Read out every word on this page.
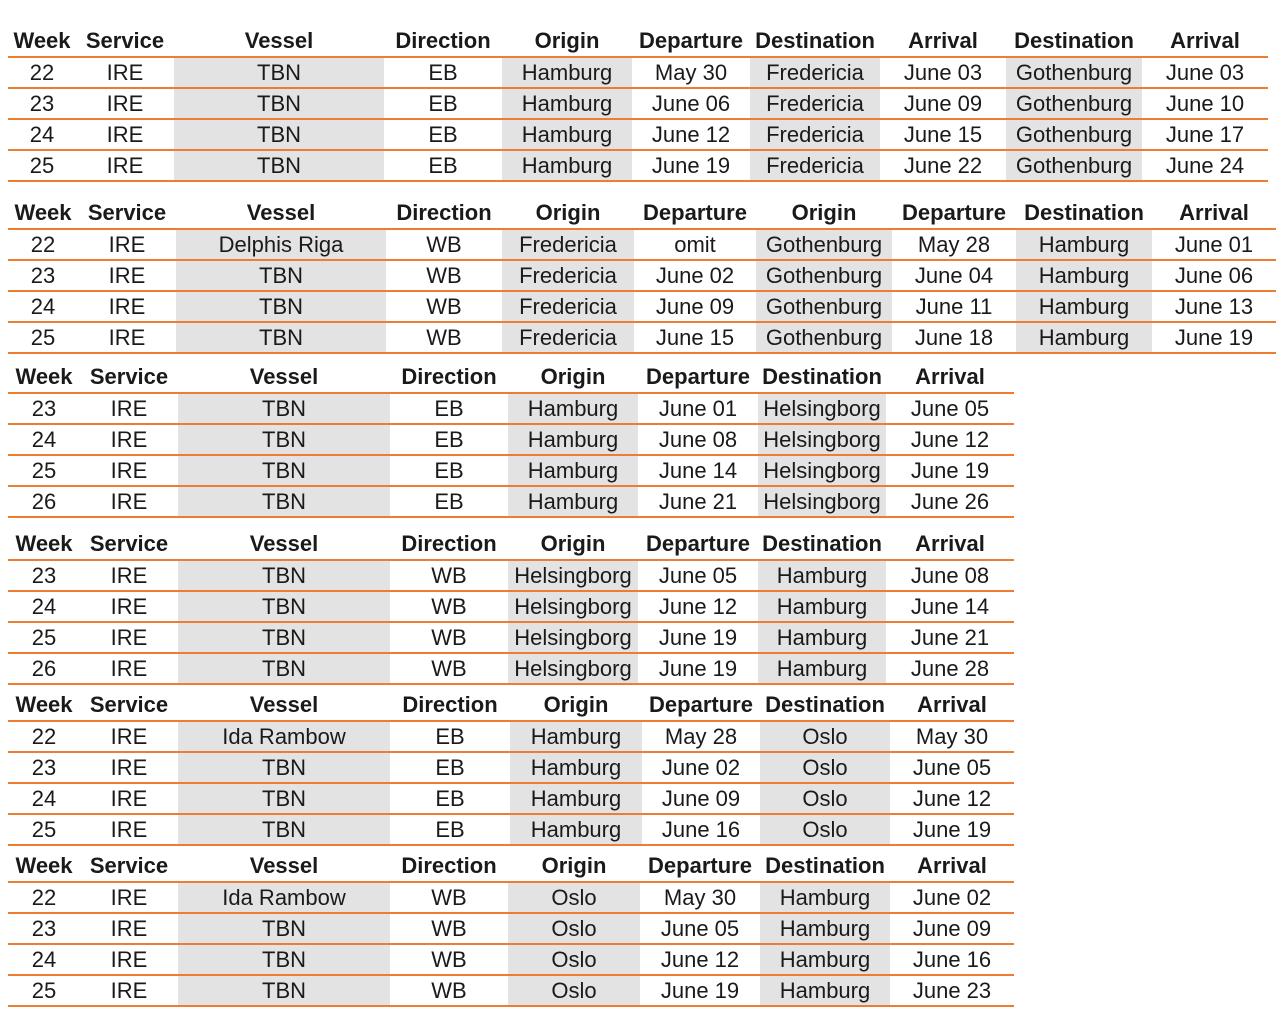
Week	Service	Vessel	Direction	Origin	Departure	Destination	Arrival	Destination	Arrival
22	IRE	TBN	EB	Hamburg	May 30	Fredericia	June 03	Gothenburg	June 03
23	IRE	TBN	EB	Hamburg	June 06	Fredericia	June 09	Gothenburg	June 10
24	IRE	TBN	EB	Hamburg	June 12	Fredericia	June 15	Gothenburg	June 17
25	IRE	TBN	EB	Hamburg	June 19	Fredericia	June 22	Gothenburg	June 24
Week	Service	Vessel	Direction	Origin	Departure	Origin	Departure	Destination	Arrival
22	IRE	Delphis Riga	WB	Fredericia	omit	Gothenburg	May 28	Hamburg	June 01
23	IRE	TBN	WB	Fredericia	June 02	Gothenburg	June 04	Hamburg	June 06
24	IRE	TBN	WB	Fredericia	June 09	Gothenburg	June 11	Hamburg	June 13
25	IRE	TBN	WB	Fredericia	June 15	Gothenburg	June 18	Hamburg	June 19
Week	Service	Vessel	Direction	Origin	Departure	Destination	Arrival
23	IRE	TBN	EB	Hamburg	June 01	Helsingborg	June 05
24	IRE	TBN	EB	Hamburg	June 08	Helsingborg	June 12
25	IRE	TBN	EB	Hamburg	June 14	Helsingborg	June 19
26	IRE	TBN	EB	Hamburg	June 21	Helsingborg	June 26
Week	Service	Vessel	Direction	Origin	Departure	Destination	Arrival
23	IRE	TBN	WB	Helsingborg	June 05	Hamburg	June 08
24	IRE	TBN	WB	Helsingborg	June 12	Hamburg	June 14
25	IRE	TBN	WB	Helsingborg	June 19	Hamburg	June 21
26	IRE	TBN	WB	Helsingborg	June 19	Hamburg	June 28
Week	Service	Vessel	Direction	Origin	Departure	Destination	Arrival
22	IRE	Ida Rambow	EB	Hamburg	May 28	Oslo	May 30
23	IRE	TBN	EB	Hamburg	June 02	Oslo	June 05
24	IRE	TBN	EB	Hamburg	June 09	Oslo	June 12
25	IRE	TBN	EB	Hamburg	June 16	Oslo	June 19
Week	Service	Vessel	Direction	Origin	Departure	Destination	Arrival
22	IRE	Ida Rambow	WB	Oslo	May 30	Hamburg	June 02
23	IRE	TBN	WB	Oslo	June 05	Hamburg	June 09
24	IRE	TBN	WB	Oslo	June 12	Hamburg	June 16
25	IRE	TBN	WB	Oslo	June 19	Hamburg	June 23
